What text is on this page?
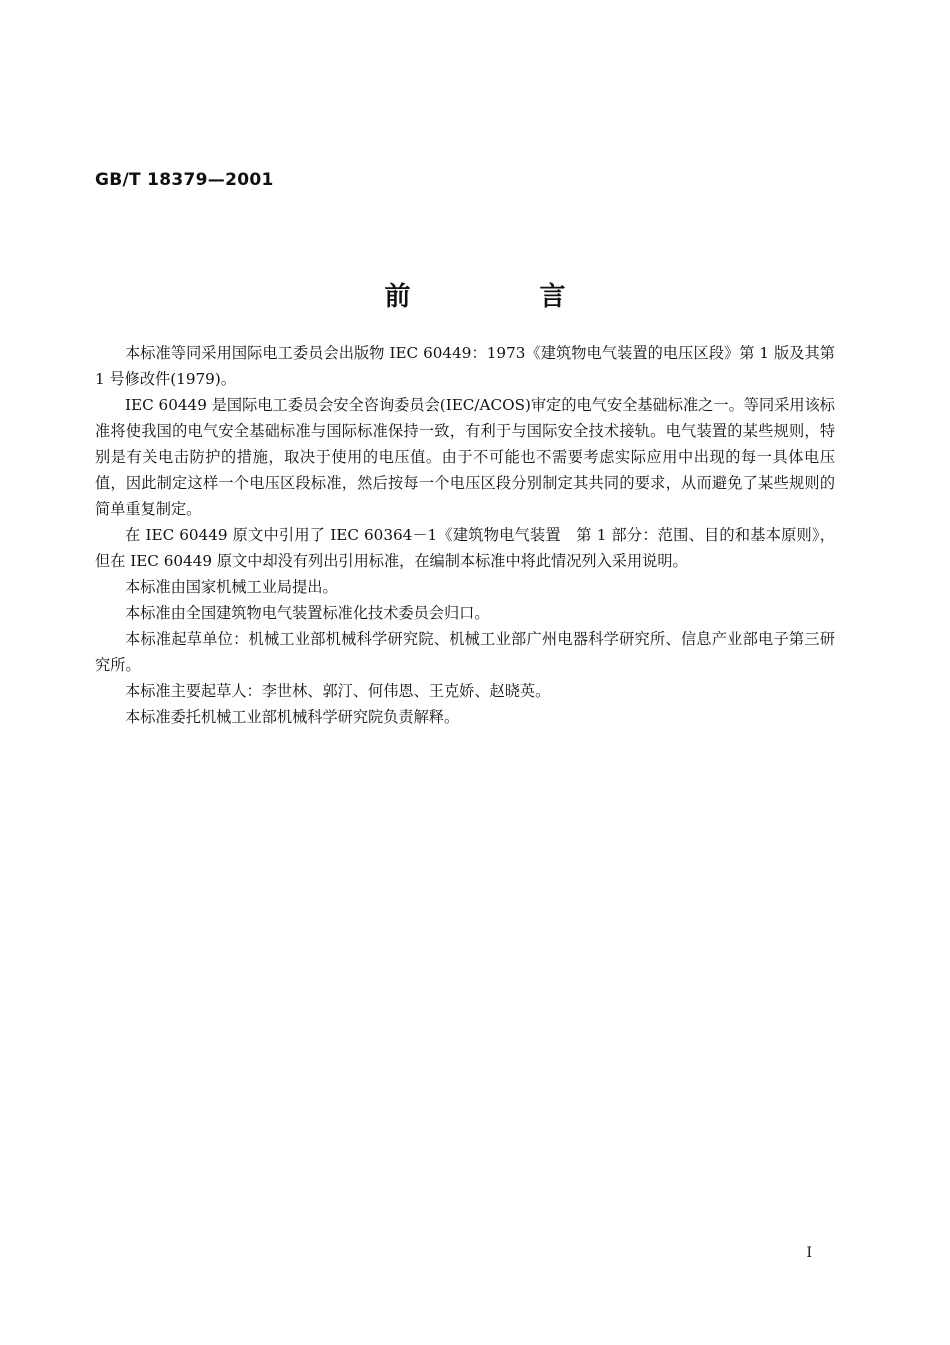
GB/T 18379—2001
前 言

本标准等同采用国际电工委员会出版物 IEC 60449：1973《建筑物电气装置的电压区段》第 1 版及其第 1 号修改件(1979)。

IEC 60449 是国际电工委员会安全咨询委员会(IEC/ACOS)审定的电气安全基础标准之一。等同采用该标准将使我国的电气安全基础标准与国际标准保持一致，有利于与国际安全技术接轨。电气装置的某些规则，特别是有关电击防护的措施，取决于使用的电压值。由于不可能也不需要考虑实际应用中出现的每一具体电压值，因此制定这样一个电压区段标准，然后按每一个电压区段分别制定其共同的要求，从而避免了某些规则的简单重复制定。

在 IEC 60449 原文中引用了 IEC 60364－1《建筑物电气装置　第 1 部分：范围、目的和基本原则》，但在 IEC 60449 原文中却没有列出引用标准，在编制本标准中将此情况列入采用说明。

本标准由国家机械工业局提出。

本标准由全国建筑物电气装置标准化技术委员会归口。

本标准起草单位：机械工业部机械科学研究院、机械工业部广州电器科学研究所、信息产业部电子第三研究所。

本标准主要起草人：李世林、郭汀、何伟恩、王克娇、赵晓英。

本标准委托机械工业部机械科学研究院负责解释。

I
